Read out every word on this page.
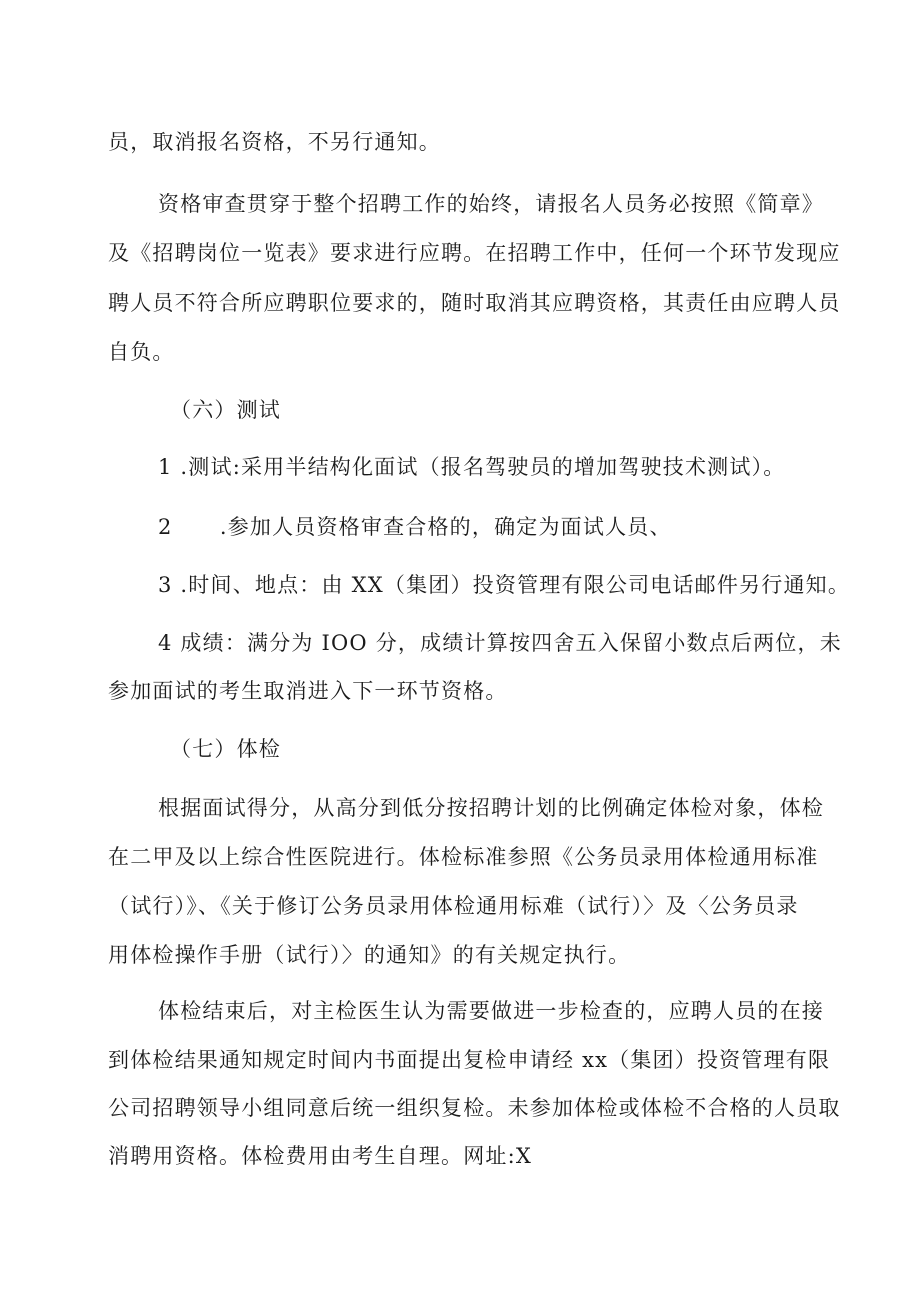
员，取消报名资格，不另行通知。
资格审查贯穿于整个招聘工作的始终，请报名人员务必按照《简章》
及《招聘岗位一览表》要求进行应聘。在招聘工作中，任何一个环节发现应
聘人员不符合所应聘职位要求的，随时取消其应聘资格，其责任由应聘人员
自负。
（六）测试
1 .测试:采用半结构化面试（报名驾驶员的增加驾驶技术测试）。
2      .参加人员资格审查合格的，确定为面试人员、
3 .时间、地点：由 XX（集团）投资管理有限公司电话邮件另行通知。
4 成绩：满分为 IOO 分，成绩计算按四舍五入保留小数点后两位，未
参加面试的考生取消进入下一环节资格。
（七）体检
根据面试得分，从高分到低分按招聘计划的比例确定体检对象，体检
在二甲及以上综合性医院进行。体检标准参照《公务员录用体检通用标准
（试行）》、《关于修订公务员录用体检通用标难（试行）〉及〈公务员录
用体检操作手册（试行）〉的通知》的有关规定执行。
体检结束后，对主检医生认为需要做进一步检查的，应聘人员的在接
到体检结果通知规定时间内书面提出复检申请经 xx（集团）投资管理有限
公司招聘领导小组同意后统一组织复检。未参加体检或体检不合格的人员取
消聘用资格。体检费用由考生自理。网址:X
